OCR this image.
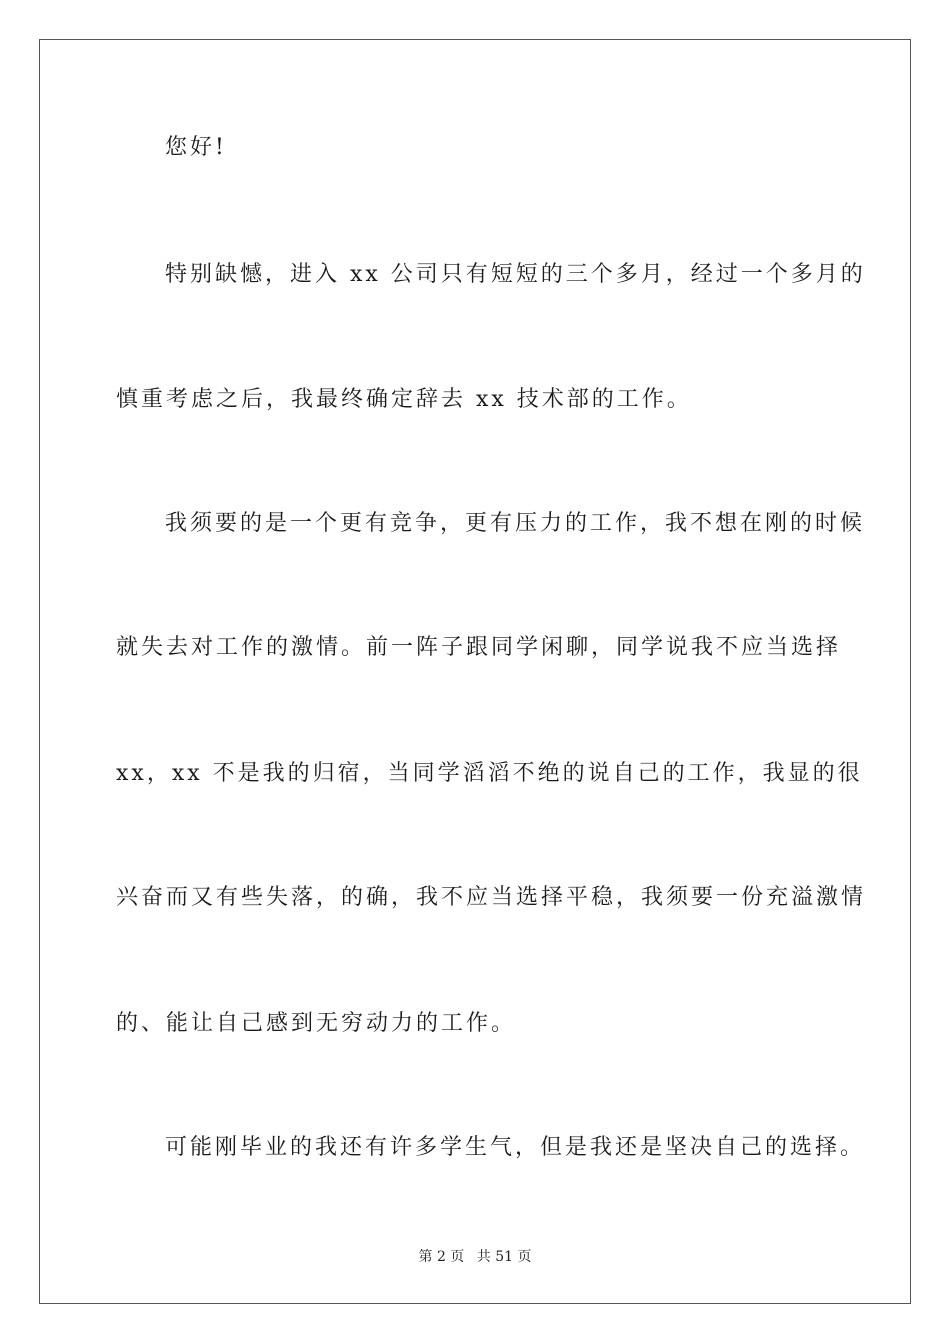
您好!
特别缺憾，进入 xx 公司只有短短的三个多月，经过一个多月的
慎重考虑之后，我最终确定辞去 xx 技术部的工作。
我须要的是一个更有竞争，更有压力的工作，我不想在刚的时候
就失去对工作的激情。前一阵子跟同学闲聊，同学说我不应当选择
xx，xx 不是我的归宿，当同学滔滔不绝的说自己的工作，我显的很
兴奋而又有些失落，的确，我不应当选择平稳，我须要一份充溢激情
的、能让自己感到无穷动力的工作。
可能刚毕业的我还有许多学生气，但是我还是坚决自己的选择。
第 2 页 共 51 页
